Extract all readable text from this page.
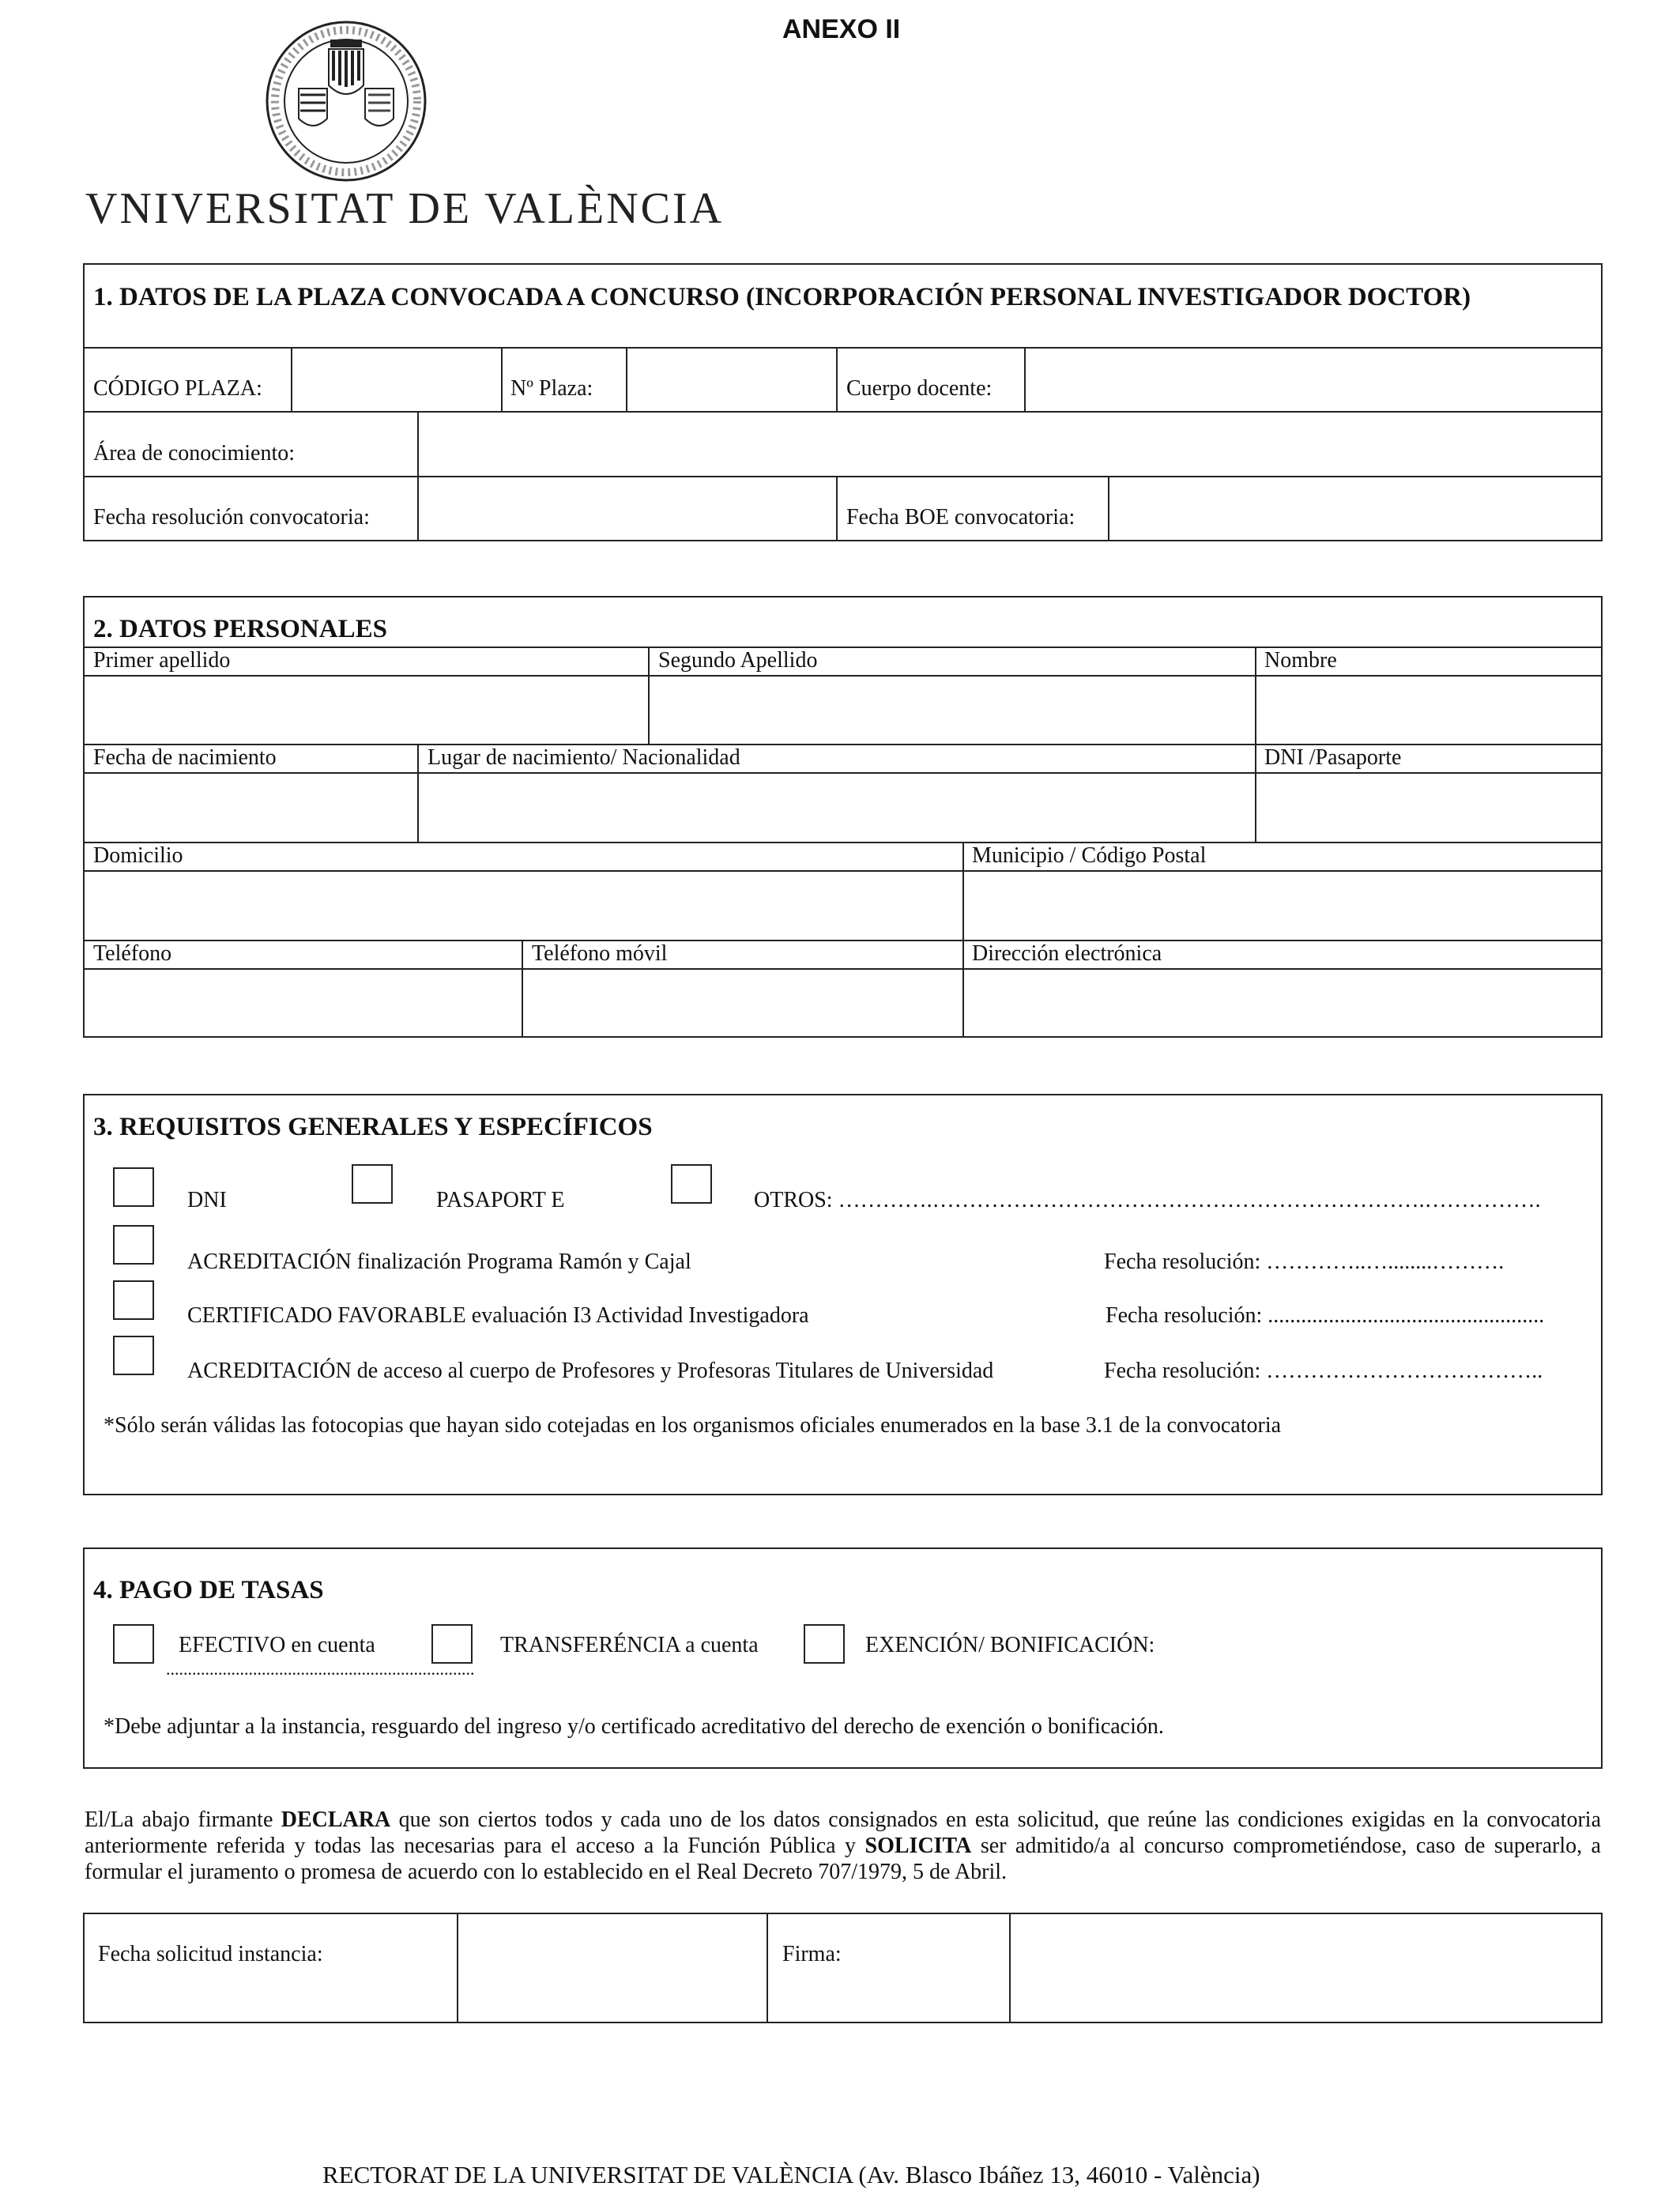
ANEXO II
VNIVERSITAT DE VALÈNCIA
1. DATOS DE LA PLAZA CONVOCADA A CONCURSO (INCORPORACIÓN PERSONAL INVESTIGADOR DOCTOR)
CÓDIGO PLAZA:	Nº Plaza:	Cuerpo docente:
Área de conocimiento:
Fecha resolución convocatoria:	Fecha BOE convocatoria:
2. DATOS PERSONALES
Primer apellido	Segundo Apellido	Nombre
Fecha de nacimiento	Lugar de nacimiento/ Nacionalidad	DNI /Pasaporte
Domicilio	Municipio / Código Postal
Teléfono	Teléfono móvil	Dirección electrónica
3. REQUISITOS GENERALES Y ESPECÍFICOS
DNI	PASAPORT E	OTROS: ………….………………………………………………………….…………….
ACREDITACIÓN finalización Programa Ramón y Cajal	Fecha resolución: …………..…........……….
CERTIFICADO FAVORABLE evaluación I3 Actividad Investigadora	Fecha resolución: ..................................................
ACREDITACIÓN de acceso al cuerpo de Profesores y Profesoras Titulares de Universidad	Fecha resolución: ………………………………..
*Sólo serán válidas las fotocopias que hayan sido cotejadas en los organismos oficiales enumerados en la base 3.1 de la convocatoria
4. PAGO DE TASAS
EFECTIVO en cuenta	TRANSFERÉNCIA a cuenta	EXENCIÓN/ BONIFICACIÓN:
.......................................................................
*Debe adjuntar a la instancia, resguardo del ingreso y/o certificado acreditativo del derecho de exención o bonificación.
El/La abajo firmante DECLARA que son ciertos todos y cada uno de los datos consignados en esta solicitud, que reúne las condiciones exigidas en la convocatoria anteriormente referida y todas las necesarias para el acceso a la Función Pública y SOLICITA ser admitido/a al concurso comprometiéndose, caso de superarlo, a formular el juramento o promesa de acuerdo con lo establecido en el Real Decreto 707/1979, 5 de Abril.
Fecha solicitud instancia:	Firma:
RECTORAT DE LA UNIVERSITAT DE VALÈNCIA (Av. Blasco Ibáñez 13, 46010 - València)
